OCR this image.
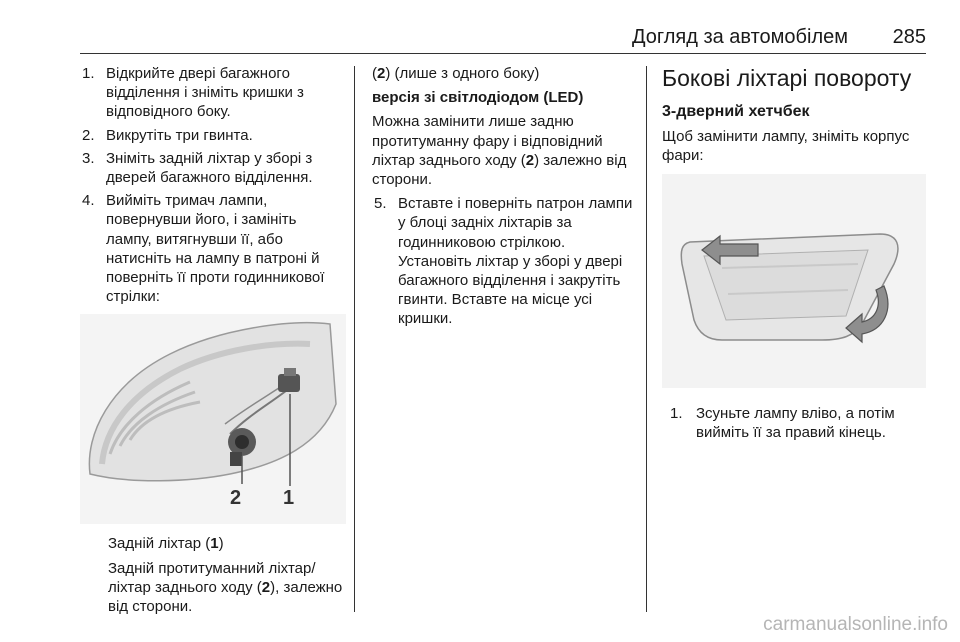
Догляд за автомобілем 285
1. Відкрийте двері багажного відділення і зніміть кришки з відповідного боку.
2. Викрутіть три гвинта.
3. Зніміть задній ліхтар у зборі з дверей багажного відділення.
4. Вийміть тримач лампи, повернувши його, і замініть лампу, витягнувши її, або натисніть на лампу в патроні й поверніть її проти годинникової стрілки:
2 1
Задній ліхтар (1)
Задній протитуманний ліхтар/ліхтар заднього ходу (2), залежно від сторони.
(2) (лише з одного боку)
версія зі світлодіодом (LED)
Можна замінити лише задню протитуманну фару і відповідний ліхтар заднього ходу (2) залежно від сторони.
5. Вставте і поверніть патрон лампи у блоці задніх ліхтарів за годинниковою стрілкою. Установіть ліхтар у зборі у двері багажного відділення і закрутіть гвинти. Вставте на місце усі кришки.
Бокові ліхтарі повороту
3-дверний хетчбек
Щоб замінити лампу, зніміть корпус фари:
1. Зсуньте лампу вліво, а потім вийміть її за правий кінець.
carmanualsonline.info
